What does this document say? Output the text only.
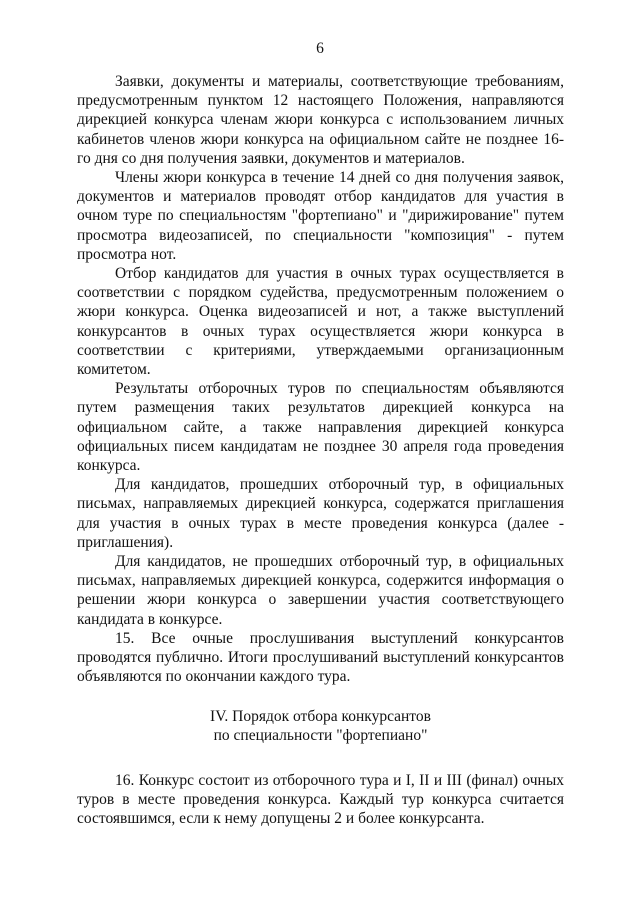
6

Заявки, документы и материалы, соответствующие требованиям, предусмотренным пунктом 12 настоящего Положения, направляются дирекцией конкурса членам жюри конкурса с использованием личных кабинетов членов жюри конкурса на официальном сайте не позднее 16-го дня со дня получения заявки, документов и материалов.

Члены жюри конкурса в течение 14 дней со дня получения заявок, документов и материалов проводят отбор кандидатов для участия в очном туре по специальностям "фортепиано" и "дирижирование" путем просмотра видеозаписей, по специальности "композиция" - путем просмотра нот.

Отбор кандидатов для участия в очных турах осуществляется в соответствии с порядком судейства, предусмотренным положением о жюри конкурса. Оценка видеозаписей и нот, а также выступлений конкурсантов в очных турах осуществляется жюри конкурса в соответствии с критериями, утверждаемыми организационным комитетом.

Результаты отборочных туров по специальностям объявляются путем размещения таких результатов дирекцией конкурса на официальном сайте, а также направления дирекцией конкурса официальных писем кандидатам не позднее 30 апреля года проведения конкурса.

Для кандидатов, прошедших отборочный тур, в официальных письмах, направляемых дирекцией конкурса, содержатся приглашения для участия в очных турах в месте проведения конкурса (далее - приглашения).

Для кандидатов, не прошедших отборочный тур, в официальных письмах, направляемых дирекцией конкурса, содержится информация о решении жюри конкурса о завершении участия соответствующего кандидата в конкурсе.

15. Все очные прослушивания выступлений конкурсантов проводятся публично. Итоги прослушиваний выступлений конкурсантов объявляются по окончании каждого тура.

IV. Порядок отбора конкурсантов
по специальности "фортепиано"

16. Конкурс состоит из отборочного тура и I, II и III (финал) очных туров в месте проведения конкурса. Каждый тур конкурса считается состоявшимся, если к нему допущены 2 и более конкурсанта.
